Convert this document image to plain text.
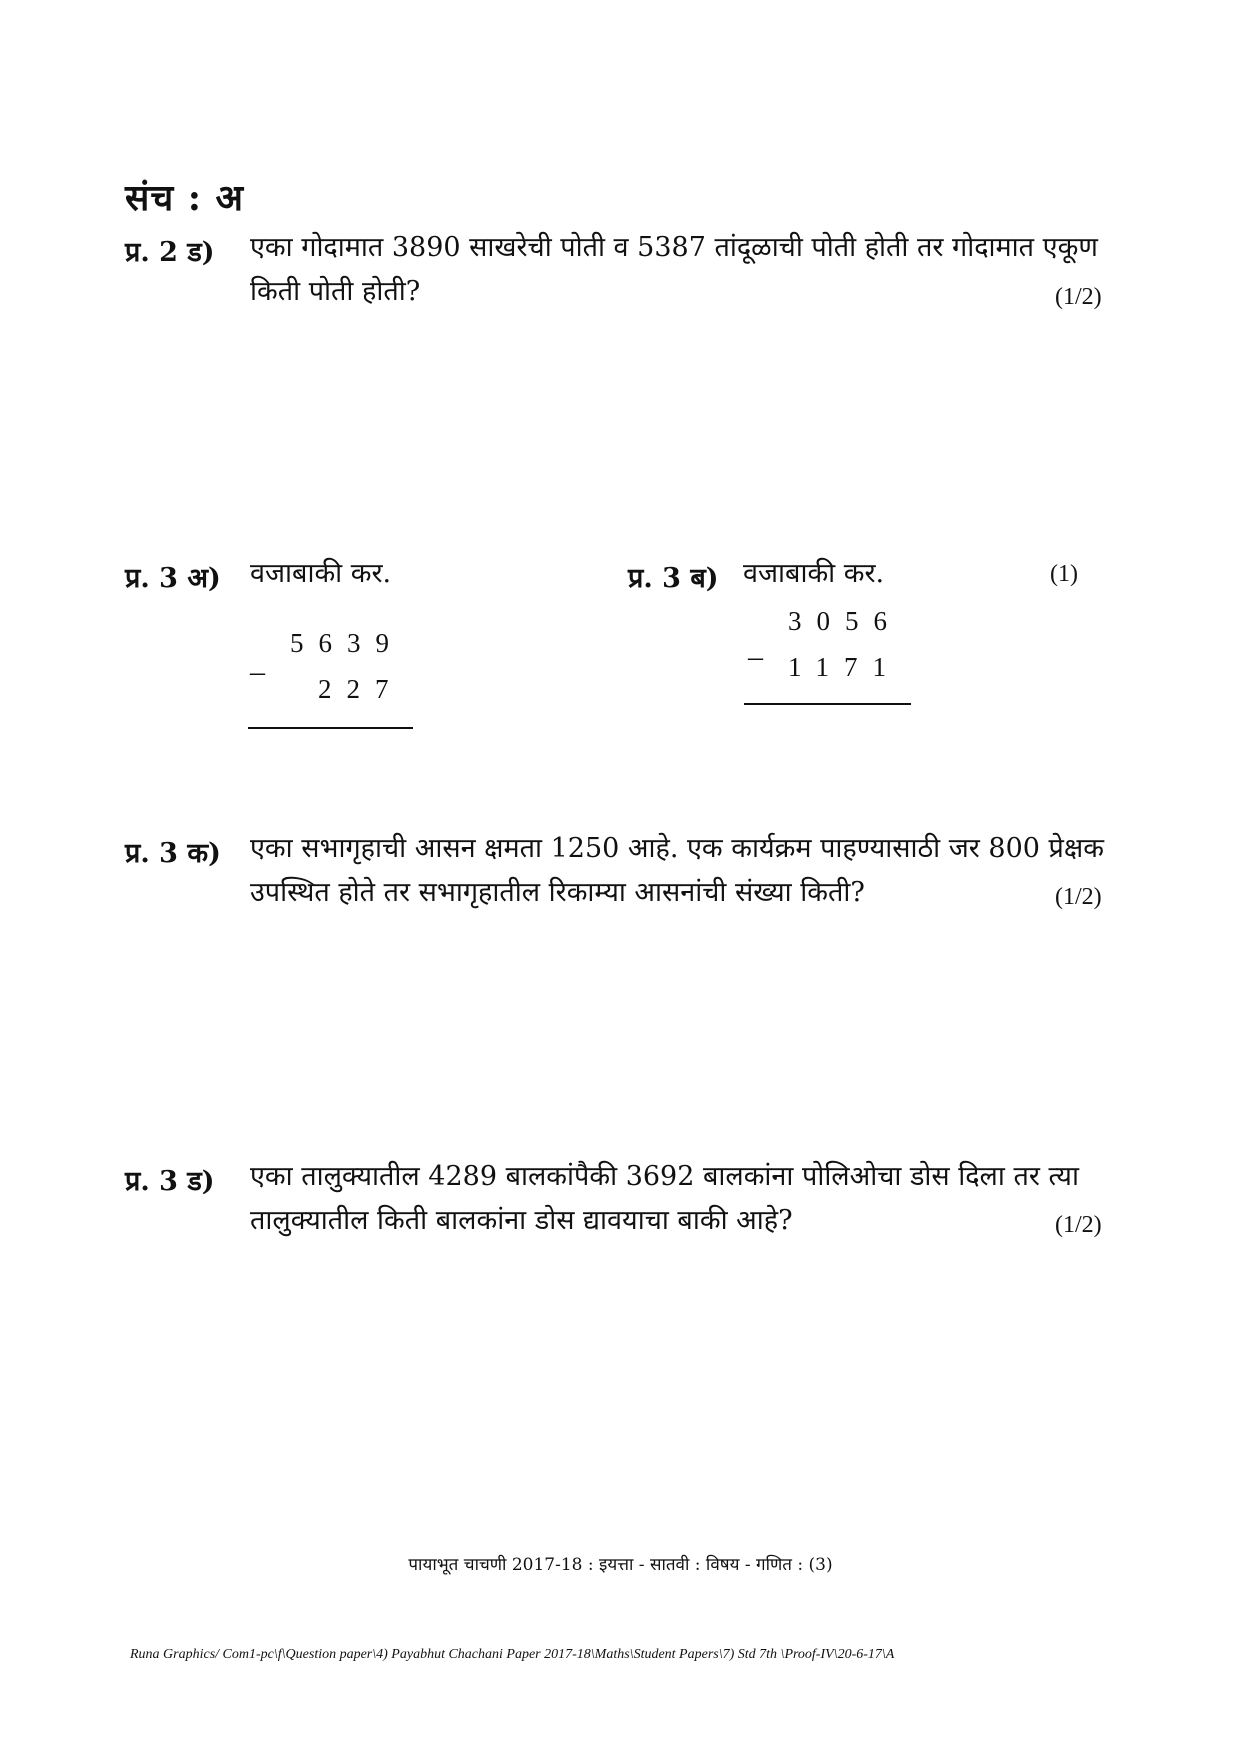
संच : अ
प्र. 2 ड) एका गोदामात 3890 साखरेची पोती व 5387 तांदूळाची पोती होती तर गोदामात एकूण
किती पोती होती?	(1/2)
प्र. 3 अ) वजाबाकी कर.
5639
–
227
प्र. 3 ब) वजाबाकी कर.	(1)
3056
– 1171
प्र. 3 क) एका सभागृहाची आसन क्षमता 1250 आहे. एक कार्यक्रम पाहण्यासाठी जर 800 प्रेक्षक
उपस्थित होते तर सभागृहातील रिकाम्या आसनांची संख्या किती?	(1/2)
प्र. 3 ड) एका तालुक्यातील 4289 बालकांपैकी 3692 बालकांना पोलिओचा डोस दिला तर त्या
तालुक्यातील किती बालकांना डोस द्यावयाचा बाकी आहे?	(1/2)
पायाभूत चाचणी 2017-18 : इयत्ता - सातवी : विषय - गणित : (3)
Runa Graphics/ Com1-pc\f\Question paper\4) Payabhut Chachani Paper 2017-18\Maths\Student Papers\7) Std 7th \Proof-IV\20-6-17\A
